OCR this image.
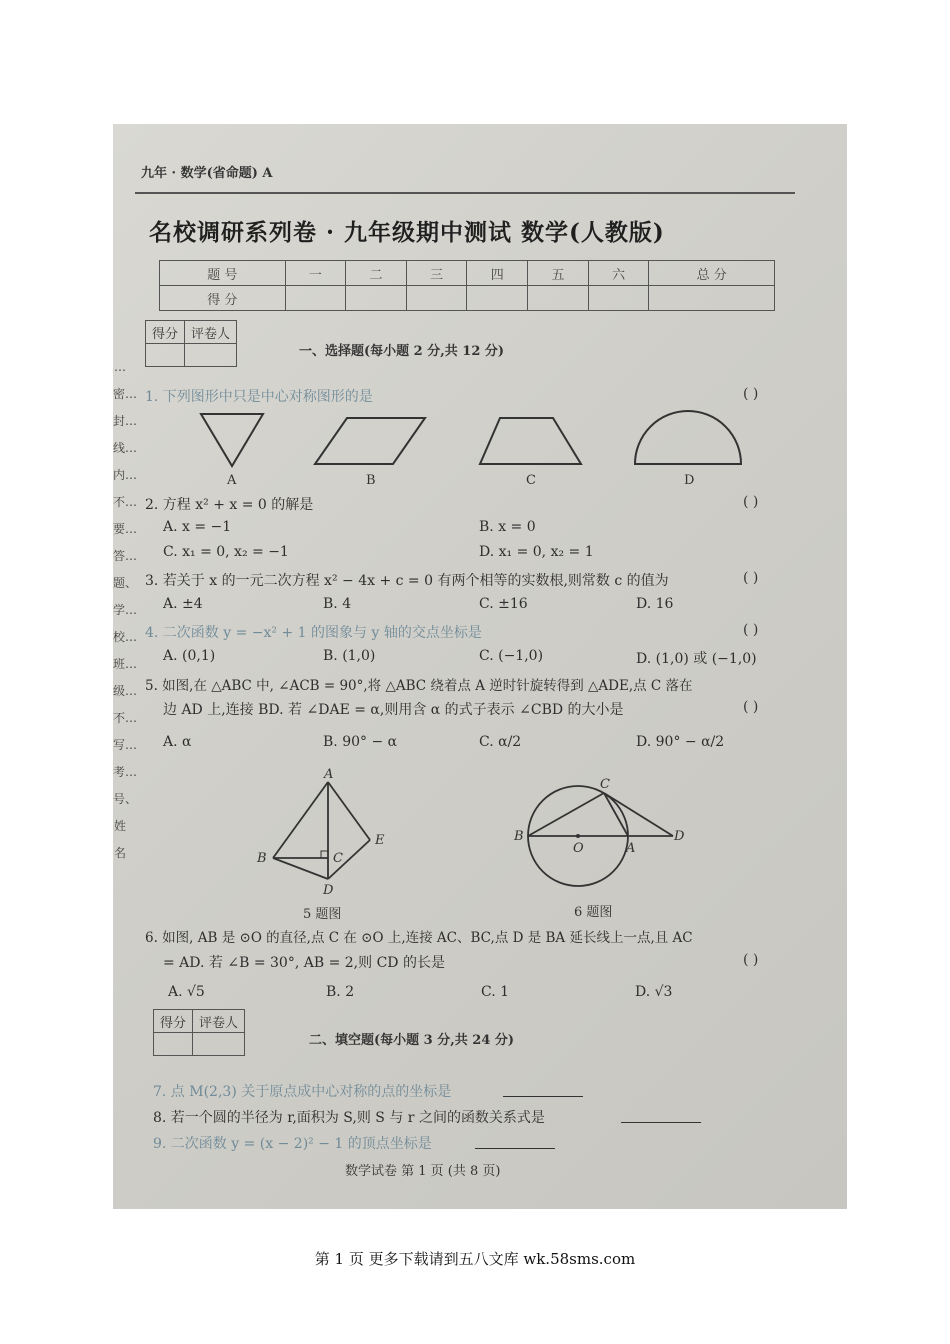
九年 · 数学(省命题) A
名校调研系列卷 · 九年级期中测试 数学(人教版)
题 号	一	二	三	四	五	六	总 分
得 分							
…密…封…线…内…不…要…答…题、学…校…班…级…不…写…考…号、姓名
得分	评卷人

一、选择题(每小题 2 分,共 12 分)
1. 下列图形中只是中心对称图形的是	( )
A	B	C	D
2. 方程 x² + x = 0 的解是	( )
A. x = −1	B. x = 0
C. x₁ = 0, x₂ = −1	D. x₁ = 0, x₂ = 1
3. 若关于 x 的一元二次方程 x² − 4x + c = 0 有两个相等的实数根,则常数 c 的值为	( )
A. ±4	B. 4	C. ±16	D. 16
4. 二次函数 y = −x² + 1 的图象与 y 轴的交点坐标是	( )
A. (0,1)	B. (1,0)	C. (−1,0)	D. (1,0) 或 (−1,0)
5. 如图,在 △ABC 中, ∠ACB = 90°,将 △ABC 绕着点 A 逆时针旋转得到 △ADE,点 C 落在
边 AD 上,连接 BD. 若 ∠DAE = α,则用含 α 的式子表示 ∠CBD 的大小是	( )
A. α	B. 90° − α	C. α/2	D. 90° − α/2
A
B	C
D
E
5 题图
C
B
O	A
D
6 题图
6. 如图, AB 是 ⊙O 的直径,点 C 在 ⊙O 上,连接 AC、BC,点 D 是 BA 延长线上一点,且 AC
= AD. 若 ∠B = 30°, AB = 2,则 CD 的长是	( )
A. √5	B. 2	C. 1	D. √3
得分	评卷人

二、填空题(每小题 3 分,共 24 分)
7. 点 M(2,3) 关于原点成中心对称的点的坐标是
8. 若一个圆的半径为 r,面积为 S,则 S 与 r 之间的函数关系式是
9. 二次函数 y = (x − 2)² − 1 的顶点坐标是
数学试卷 第 1 页 (共 8 页)
第 1 页 更多下载请到五八文库 wk.58sms.com
